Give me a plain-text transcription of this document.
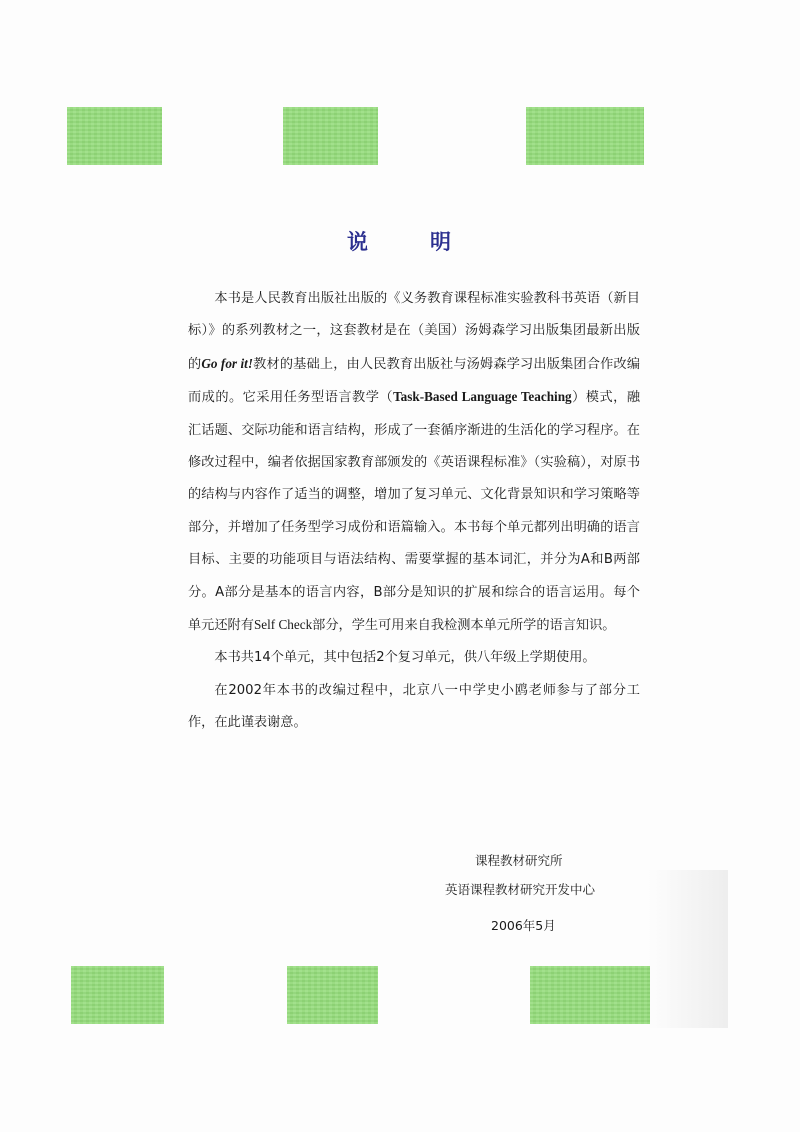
说	明

本书是人民教育出版社出版的《义务教育课程标准实验教科书英语（新目标）》的系列教材之一，这套教材是在（美国）汤姆森学习出版集团最新出版的Go for it!教材的基础上，由人民教育出版社与汤姆森学习出版集团合作改编而成的。它采用任务型语言教学（Task-Based Language Teaching）模式，融汇话题、交际功能和语言结构，形成了一套循序渐进的生活化的学习程序。在修改过程中，编者依据国家教育部颁发的《英语课程标准》（实验稿），对原书的结构与内容作了适当的调整，增加了复习单元、文化背景知识和学习策略等部分，并增加了任务型学习成份和语篇输入。本书每个单元都列出明确的语言目标、主要的功能项目与语法结构、需要掌握的基本词汇，并分为A和B两部分。A部分是基本的语言内容，B部分是知识的扩展和综合的语言运用。每个单元还附有Self Check部分，学生可用来自我检测本单元所学的语言知识。

本书共14个单元，其中包括2个复习单元，供八年级上学期使用。

在2002年本书的改编过程中，北京八一中学史小鸥老师参与了部分工作，在此谨表谢意。

课程教材研究所
英语课程教材研究开发中心
2006年5月
